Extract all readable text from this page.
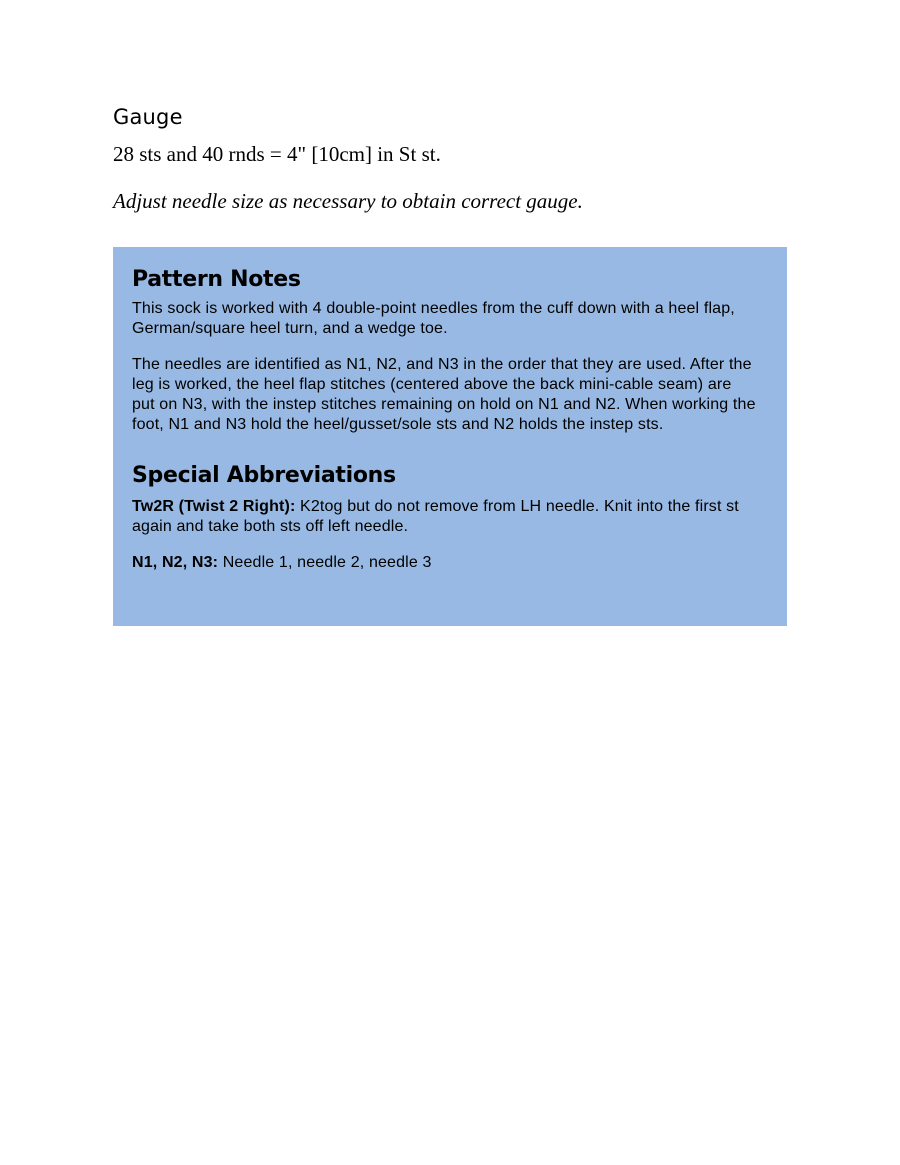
Gauge

28 sts and 40 rnds = 4" [10cm] in St st.

Adjust needle size as necessary to obtain correct gauge.

Pattern Notes

This sock is worked with 4 double-point needles from the cuff down with a heel flap, German/square heel turn, and a wedge toe.

The needles are identified as N1, N2, and N3 in the order that they are used. After the leg is worked, the heel flap stitches (centered above the back mini-cable seam) are put on N3, with the instep stitches remaining on hold on N1 and N2. When working the foot, N1 and N3 hold the heel/gusset/sole sts and N2 holds the instep sts.

Special Abbreviations

Tw2R (Twist 2 Right): K2tog but do not remove from LH needle. Knit into the first st again and take both sts off left needle.

N1, N2, N3: Needle 1, needle 2, needle 3
